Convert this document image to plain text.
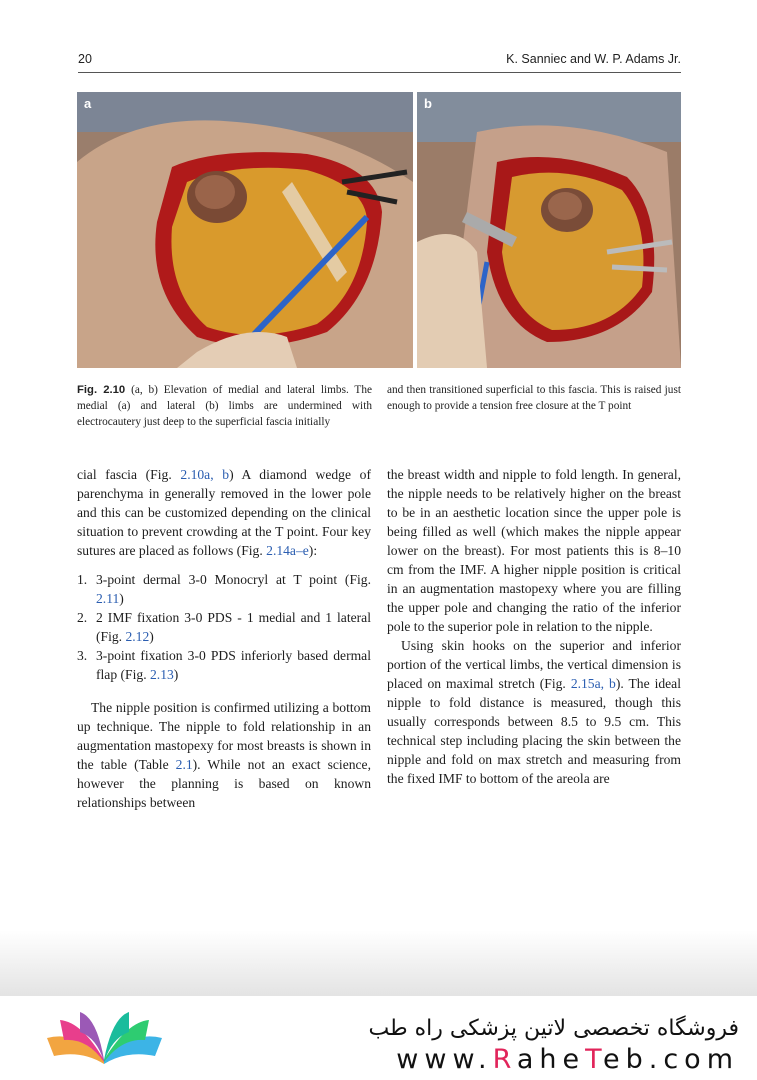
20	K. Sanniec and W. P. Adams Jr.
a	b
Fig. 2.10 (a, b) Elevation of medial and lateral limbs. The medial (a) and lateral (b) limbs are undermined with electrocautery just deep to the superficial fascia initially
and then transitioned superficial to this fascia. This is raised just enough to provide a tension free closure at the T point

cial fascia (Fig. 2.10a, b) A diamond wedge of parenchyma in generally removed in the lower pole and this can be customized depending on the clinical situation to prevent crowding at the T point. Four key sutures are placed as follows (Fig. 2.14a–e):

1. 3-point dermal 3-0 Monocryl at T point (Fig. 2.11)
2. 2 IMF fixation 3-0 PDS - 1 medial and 1 lateral (Fig. 2.12)
3. 3-point fixation 3-0 PDS inferiorly based dermal flap (Fig. 2.13)

The nipple position is confirmed utilizing a bottom up technique. The nipple to fold relationship in an augmentation mastopexy for most breasts is shown in the table (Table 2.1). While not an exact science, however the planning is based on known relationships between

the breast width and nipple to fold length. In general, the nipple needs to be relatively higher on the breast to be in an aesthetic location since the upper pole is being filled as well (which makes the nipple appear lower on the breast). For most patients this is 8–10 cm from the IMF. A higher nipple position is critical in an augmentation mastopexy where you are filling the upper pole and changing the ratio of the inferior pole to the superior pole in relation to the nipple.

Using skin hooks on the superior and inferior portion of the vertical limbs, the vertical dimension is placed on maximal stretch (Fig. 2.15a, b). The ideal nipple to fold distance is measured, though this usually corresponds between 8.5 to 9.5 cm. This technical step including placing the skin between the nipple and fold on max stretch and measuring from the fixed IMF to bottom of the areola are

فروشگاه تخصصی لاتین پزشکی راه طب
www.RaheTeb.com
